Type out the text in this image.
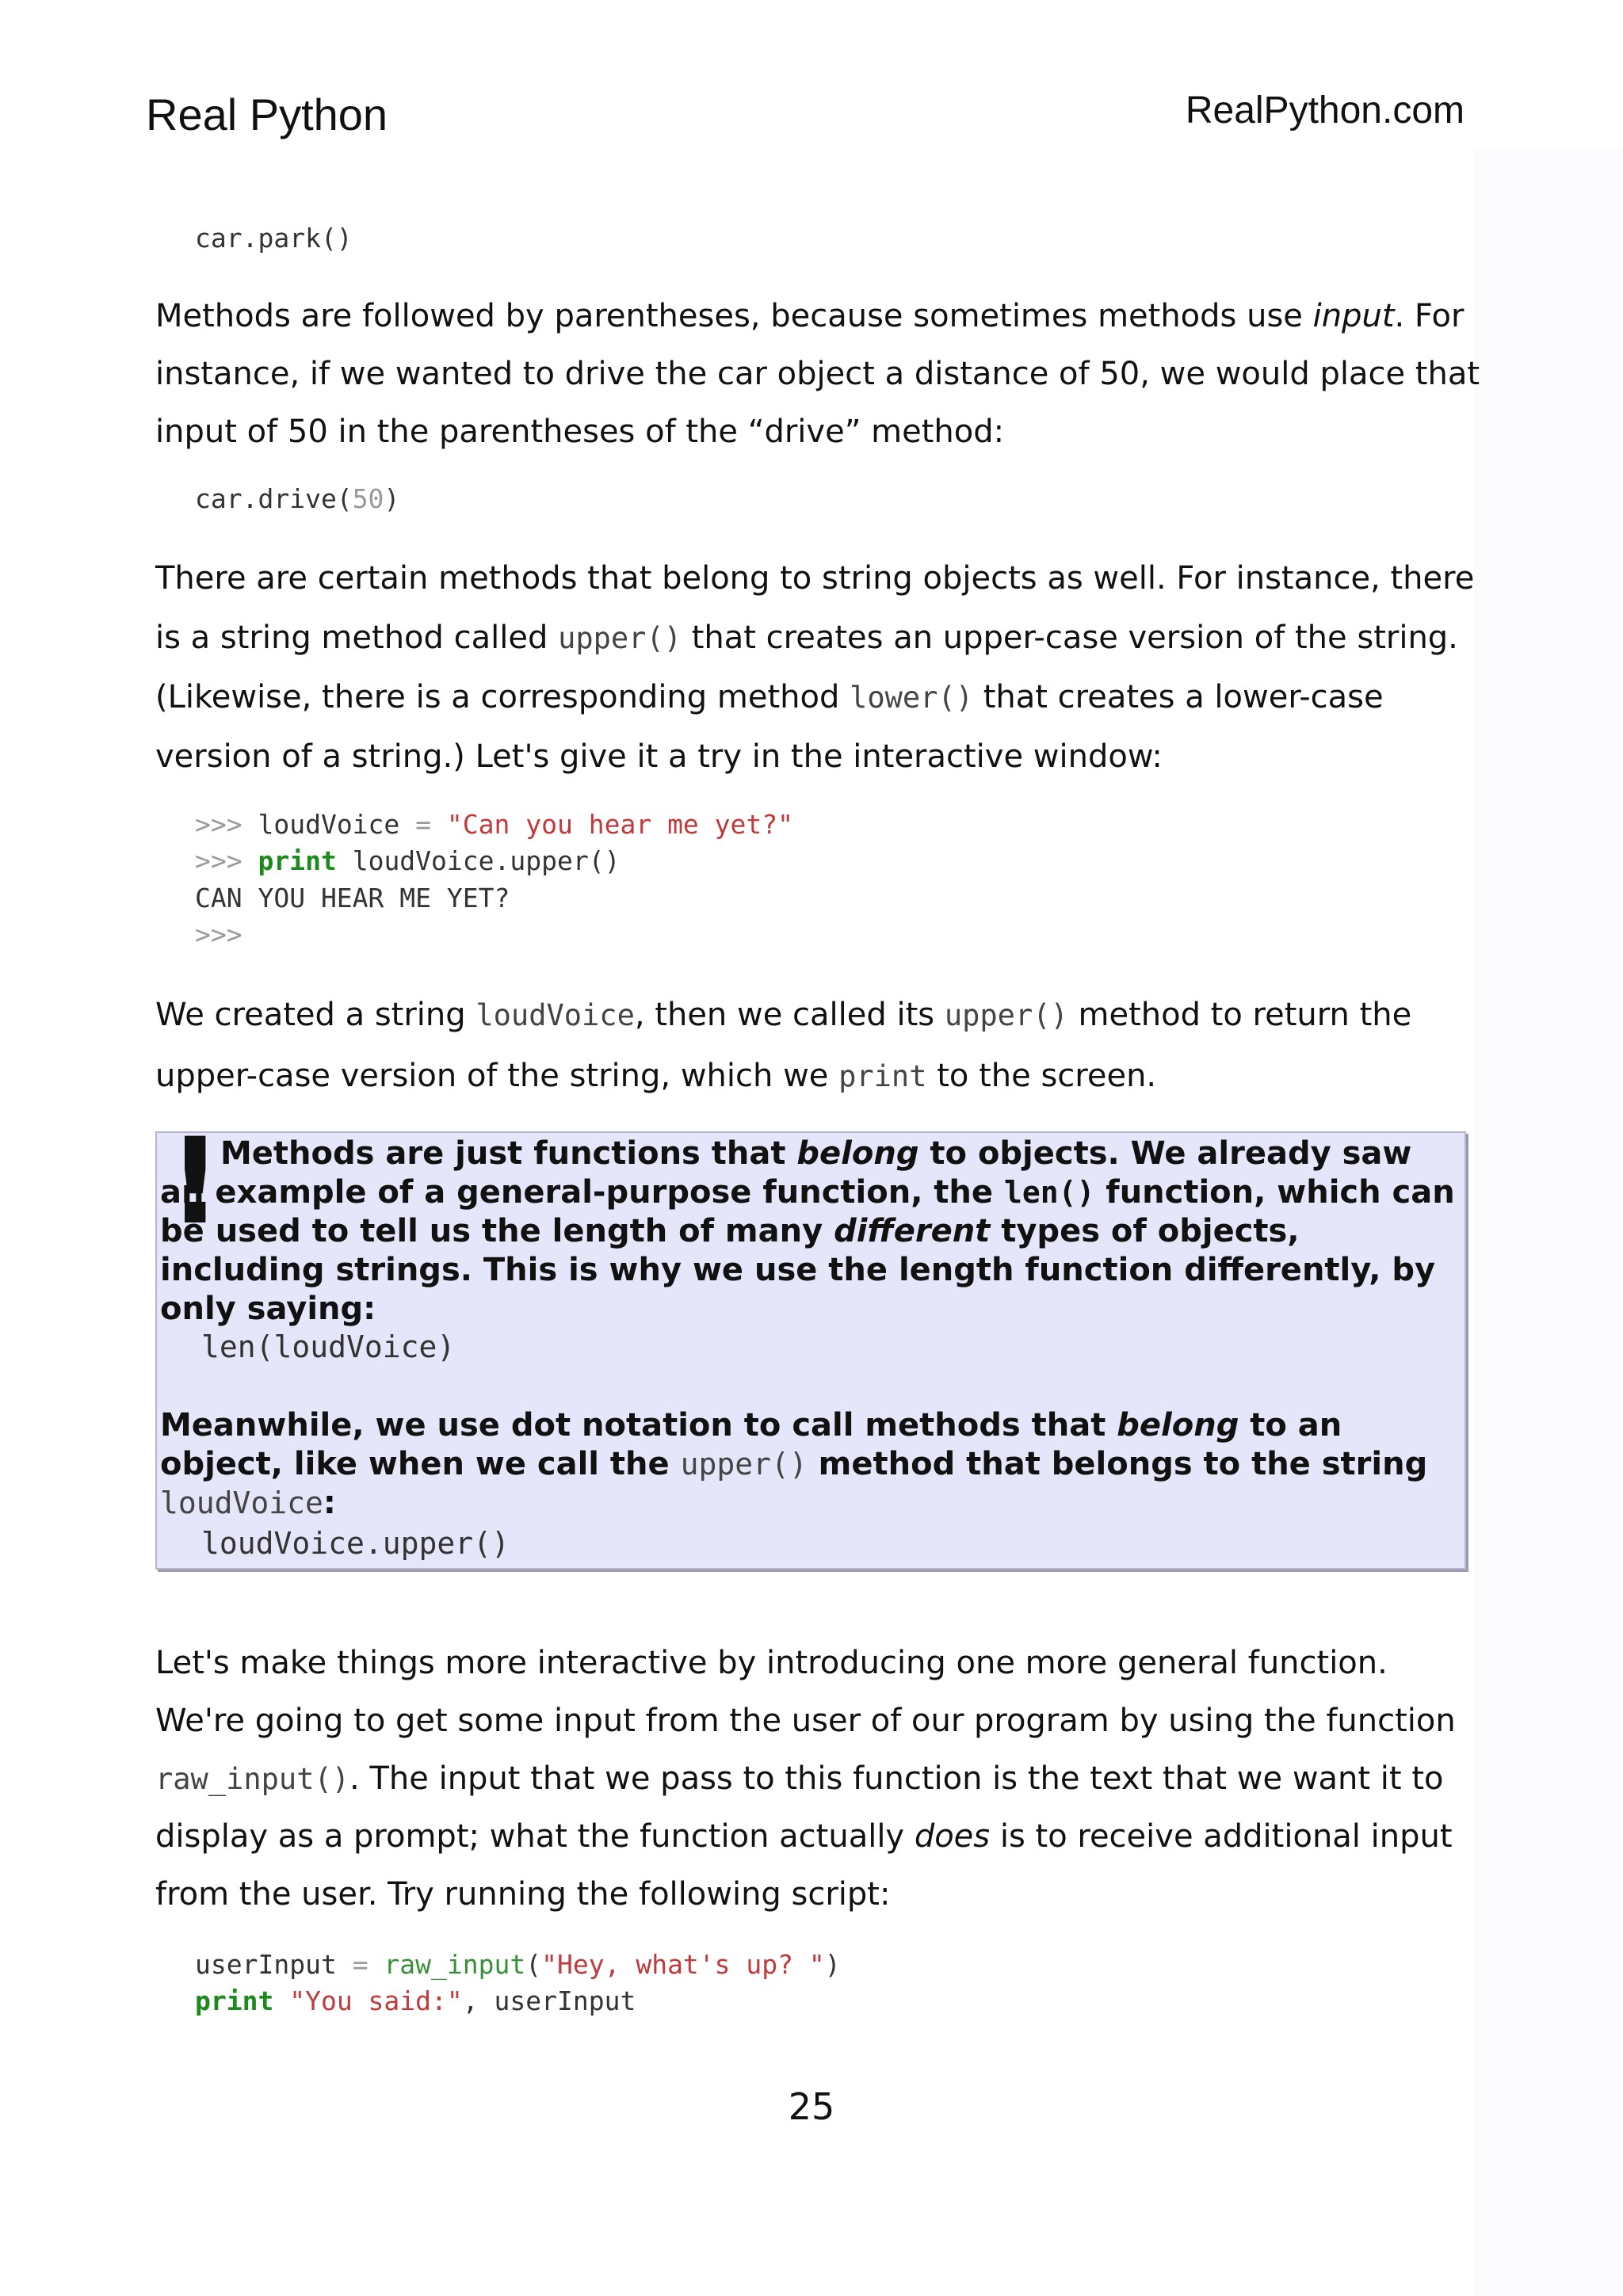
Real Python	RealPython.com
car.park()

Methods are followed by parentheses, because sometimes methods use input. For instance, if we wanted to drive the car object a distance of 50, we would place that input of 50 in the parentheses of the “drive” method:

car.drive(50)

There are certain methods that belong to string objects as well. For instance, there is a string method called upper() that creates an upper-case version of the string. (Likewise, there is a corresponding method lower() that creates a lower-case version of a string.) Let's give it a try in the interactive window:

>>> loudVoice = "Can you hear me yet?"
>>> print loudVoice.upper()
CAN YOU HEAR ME YET?
>>>

We created a string loudVoice, then we called its upper() method to return the upper-case version of the string, which we print to the screen.

!

Methods are just functions that belong to objects. We already saw an example of a general-purpose function, the len() function, which can be used to tell us the length of many different types of objects, including strings. This is why we use the length function differently, by only saying:

len(loudVoice)

Meanwhile, we use dot notation to call methods that belong to an object, like when we call the upper() method that belongs to the string loudVoice:

loudVoice.upper()

Let's make things more interactive by introducing one more general function. We're going to get some input from the user of our program by using the function raw_input(). The input that we pass to this function is the text that we want it to display as a prompt; what the function actually does is to receive additional input from the user. Try running the following script:

userInput = raw_input("Hey, what's up? ")
print "You said:", userInput
25
